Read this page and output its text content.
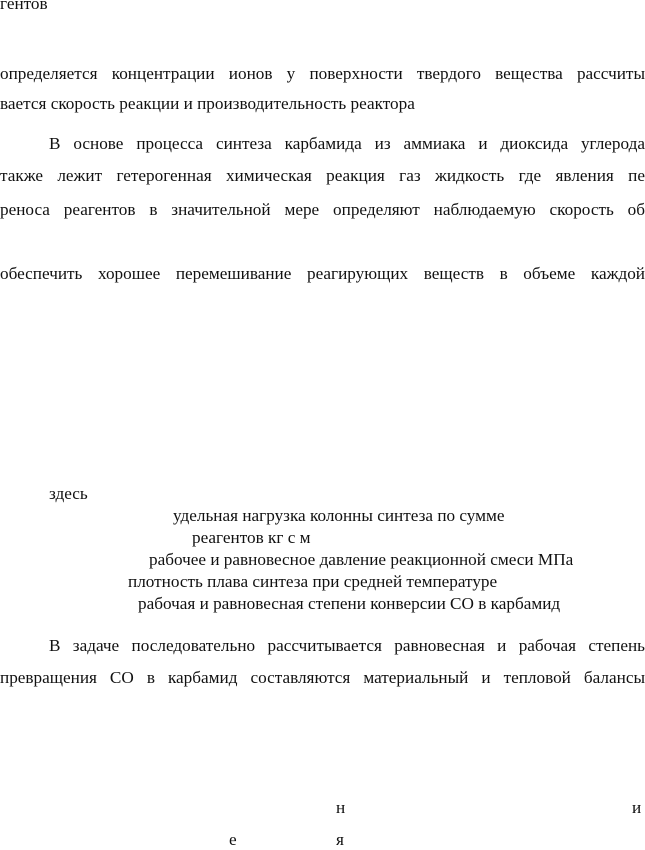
гентов
определяется концентрации ионов у поверхности твердого вещества рассчиты
вается скорость реакции и производительность реактора
В основе процесса синтеза карбамида из аммиака и диоксида углерода
также лежит гетерогенная химическая реакция газ жидкость где явления пе
реноса реагентов в значительной мере определяют наблюдаемую скорость об
обеспечить хорошее перемешивание реагирующих веществ в объеме каждой
здесь
удельная нагрузка колонны синтеза по сумме
реагентов кг с м
рабочее и равновесное давление реакционной смеси МПа
плотность плава синтеза при средней температуре
рабочая и равновесная степени конверсии СО в карбамид
В задаче последовательно рассчитывается равновесная и рабочая степень
превращения СО в карбамид составляются материальный и тепловой балансы
н	и
е	я
